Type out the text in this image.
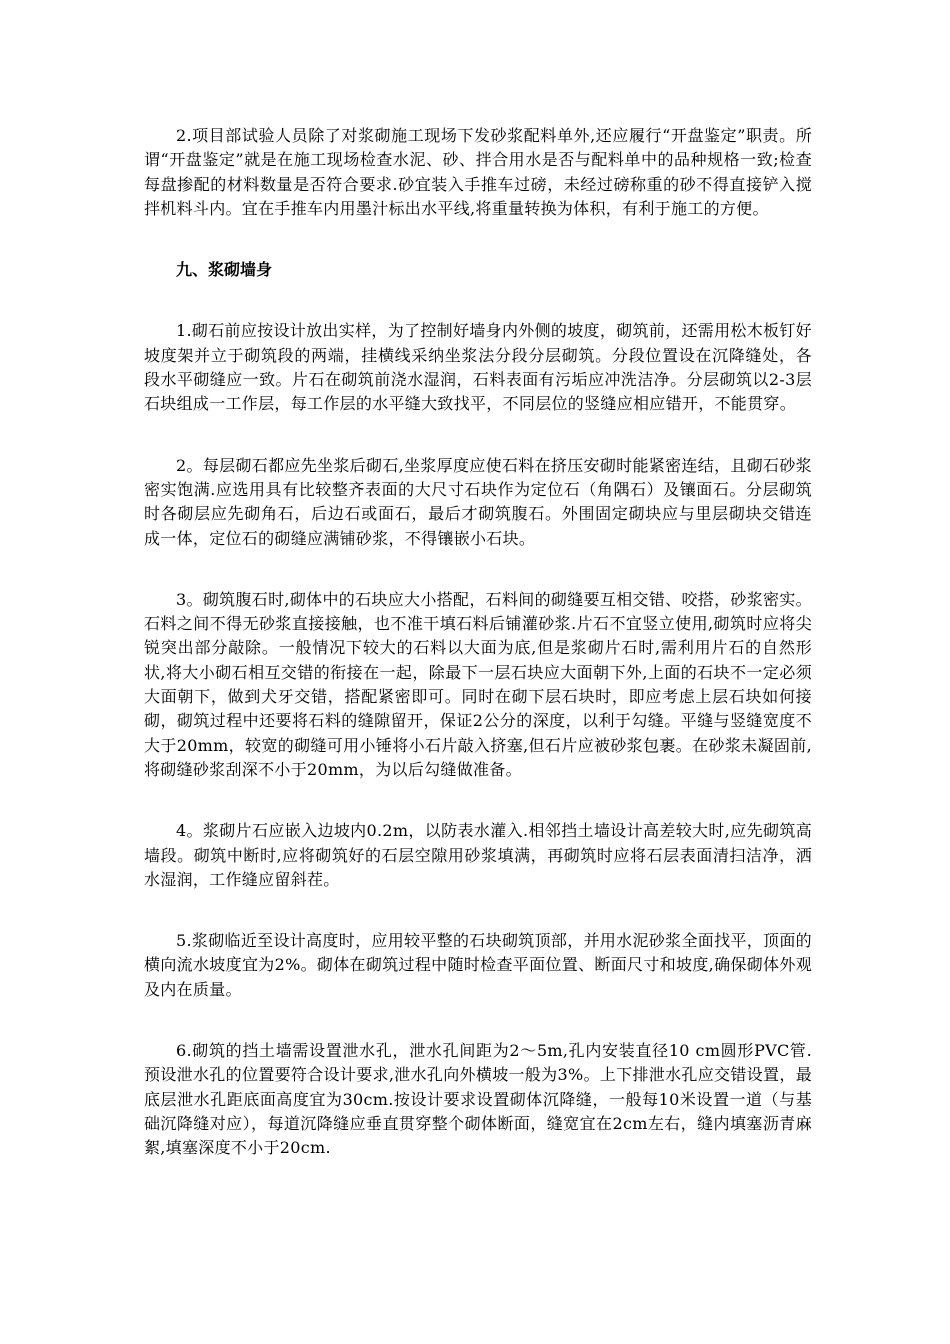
2.项目部试验人员除了对浆砌施工现场下发砂浆配料单外,还应履行“开盘鉴定”职责。所谓“开盘鉴定”就是在施工现场检查水泥、砂、拌合用水是否与配料单中的品种规格一致;检查每盘掺配的材料数量是否符合要求.砂宜装入手推车过磅，未经过磅称重的砂不得直接铲入搅拌机料斗内。宜在手推车内用墨汁标出水平线,将重量转换为体积，有利于施工的方便。

九、浆砌墙身

1.砌石前应按设计放出实样，为了控制好墙身内外侧的坡度，砌筑前，还需用松木板钉好坡度架并立于砌筑段的两端，挂横线采纳坐浆法分段分层砌筑。分段位置设在沉降缝处，各段水平砌缝应一致。片石在砌筑前浇水湿润，石料表面有污垢应冲洗洁净。分层砌筑以2-3层石块组成一工作层，每工作层的水平缝大致找平，不同层位的竖缝应相应错开，不能贯穿。

2。每层砌石都应先坐浆后砌石,坐浆厚度应使石料在挤压安砌时能紧密连结，且砌石砂浆密实饱满.应选用具有比较整齐表面的大尺寸石块作为定位石（角隅石）及镶面石。分层砌筑时各砌层应先砌角石，后边石或面石，最后才砌筑腹石。外围固定砌块应与里层砌块交错连成一体，定位石的砌缝应满铺砂浆，不得镶嵌小石块。

3。砌筑腹石时,砌体中的石块应大小搭配，石料间的砌缝要互相交错、咬搭，砂浆密实。石料之间不得无砂浆直接接触，也不准干填石料后铺灌砂浆.片石不宜竖立使用,砌筑时应将尖锐突出部分敲除。一般情况下较大的石料以大面为底,但是浆砌片石时,需利用片石的自然形状,将大小砌石相互交错的衔接在一起，除最下一层石块应大面朝下外,上面的石块不一定必须大面朝下，做到犬牙交错，搭配紧密即可。同时在砌下层石块时，即应考虑上层石块如何接砌，砌筑过程中还要将石料的缝隙留开，保证2公分的深度，以利于勾缝。平缝与竖缝宽度不大于20mm，较宽的砌缝可用小锤将小石片敲入挤塞,但石片应被砂浆包裹。在砂浆未凝固前,将砌缝砂浆刮深不小于20mm，为以后勾缝做准备。

4。浆砌片石应嵌入边坡内0.2m，以防表水灌入.相邻挡土墙设计高差较大时,应先砌筑高墙段。砌筑中断时,应将砌筑好的石层空隙用砂浆填满，再砌筑时应将石层表面清扫洁净，洒水湿润，工作缝应留斜茬。

5.浆砌临近至设计高度时，应用较平整的石块砌筑顶部，并用水泥砂浆全面找平，顶面的横向流水坡度宜为2%。砌体在砌筑过程中随时检查平面位置、断面尺寸和坡度,确保砌体外观及内在质量。

6.砌筑的挡土墙需设置泄水孔，泄水孔间距为2～5m,孔内安装直径10 cm圆形PVC管.预设泄水孔的位置要符合设计要求,泄水孔向外横坡一般为3%。上下排泄水孔应交错设置，最底层泄水孔距底面高度宜为30cm.按设计要求设置砌体沉降缝，一般每10米设置一道（与基础沉降缝对应），每道沉降缝应垂直贯穿整个砌体断面，缝宽宜在2cm左右，缝内填塞沥青麻絮,填塞深度不小于20cm.
